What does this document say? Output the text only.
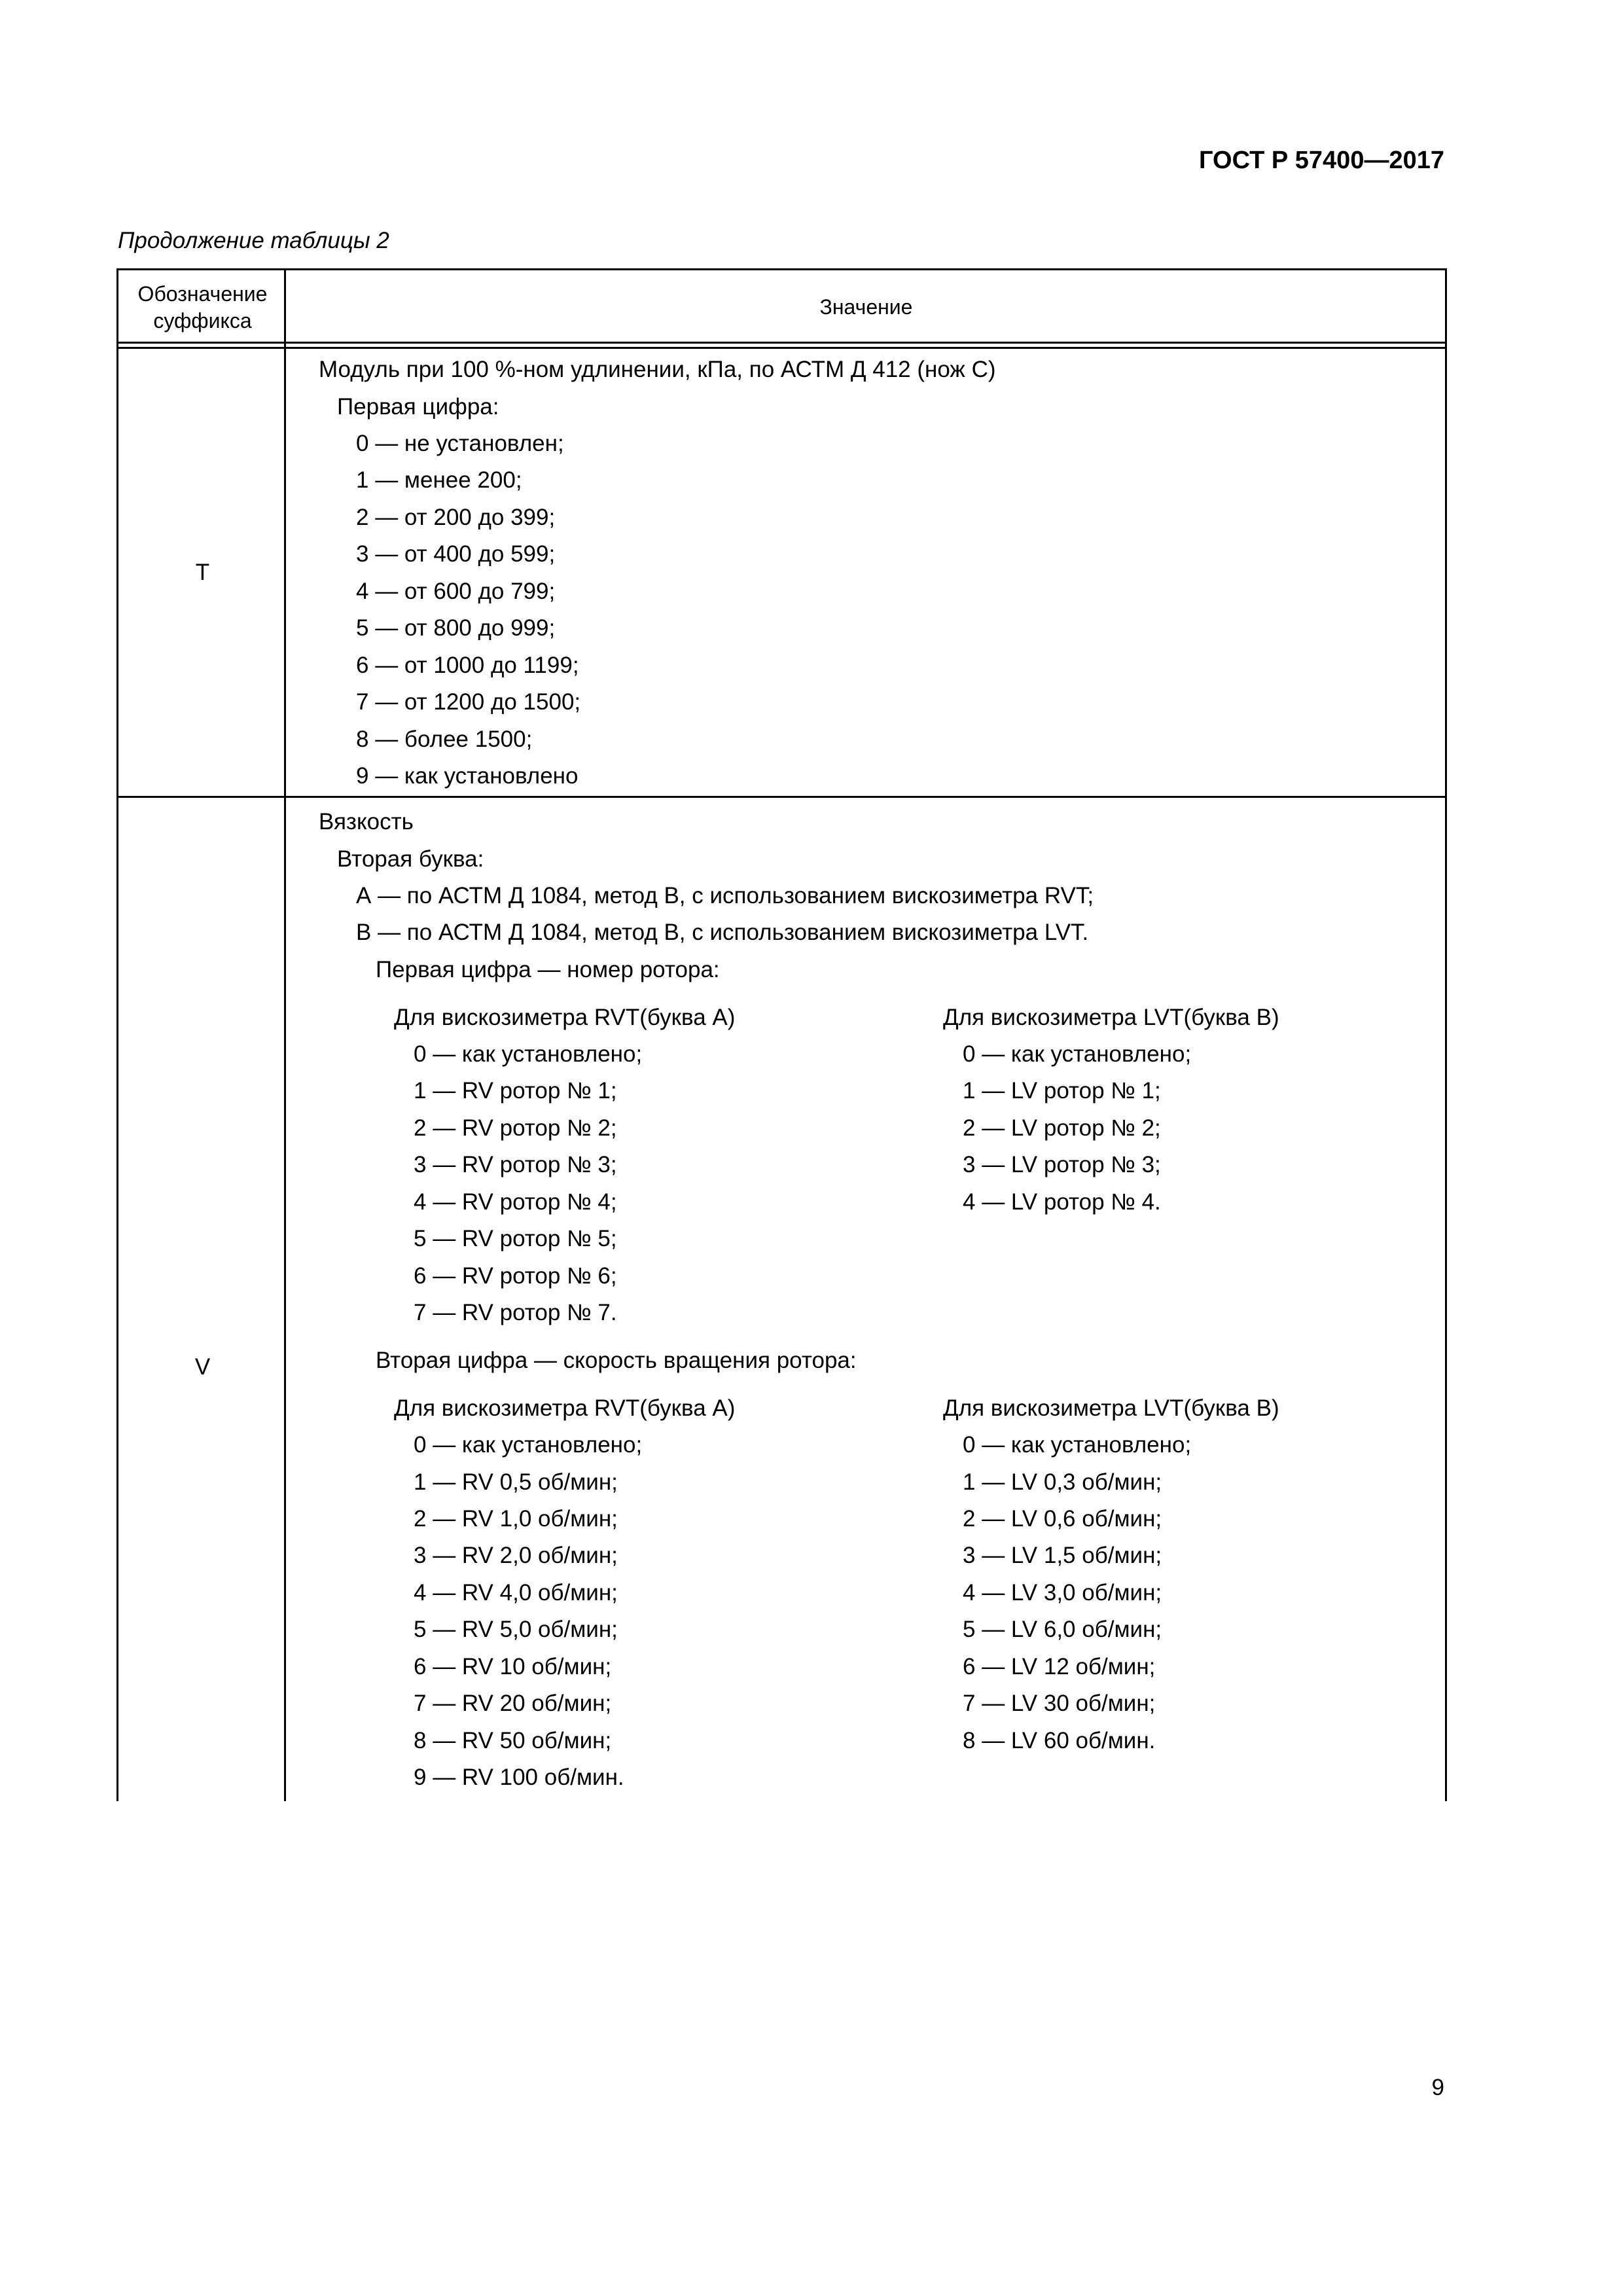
ГОСТ Р 57400—2017
Продолжение таблицы 2
Обозначение
суффикса
Значение
T
Модуль при 100 %-ном удлинении, кПа, по АСТМ Д 412 (нож С)
Первая цифра:
0 — не установлен;
1 — менее 200;
2 — от 200 до 399;
3 — от 400 до 599;
4 — от 600 до 799;
5 — от 800 до 999;
6 — от 1000 до 1199;
7 — от 1200 до 1500;
8 — более 1500;
9 — как установлено
V
Вязкость
Вторая буква:
А — по АСТМ Д 1084, метод В, с использованием вискозиметра RVT;
В — по АСТМ Д 1084, метод В, с использованием вискозиметра LVT.
Первая цифра — номер ротора:
Для вискозиметра RVT(буква А)	Для вискозиметра LVT(буква В)
0 — как установлено;
1 — RV ротор № 1;
2 — RV ротор № 2;
3 — RV ротор № 3;
4 — RV ротор № 4;
5 — RV ротор № 5;
6 — RV ротор № 6;
7 — RV ротор № 7.
0 — как установлено;
1 — LV ротор № 1;
2 — LV ротор № 2;
3 — LV ротор № 3;
4 — LV ротор № 4.
Вторая цифра — скорость вращения ротора:
Для вискозиметра RVT(буква А)	Для вискозиметра LVT(буква В)
0 — как установлено;
1 — RV 0,5 об/мин;
2 — RV 1,0 об/мин;
3 — RV 2,0 об/мин;
4 — RV 4,0 об/мин;
5 — RV 5,0 об/мин;
6 — RV 10 об/мин;
7 — RV 20 об/мин;
8 — RV 50 об/мин;
9 — RV 100 об/мин.
0 — как установлено;
1 — LV 0,3 об/мин;
2 — LV 0,6 об/мин;
3 — LV 1,5 об/мин;
4 — LV 3,0 об/мин;
5 — LV 6,0 об/мин;
6 — LV 12 об/мин;
7 — LV 30 об/мин;
8 — LV 60 об/мин.
9
